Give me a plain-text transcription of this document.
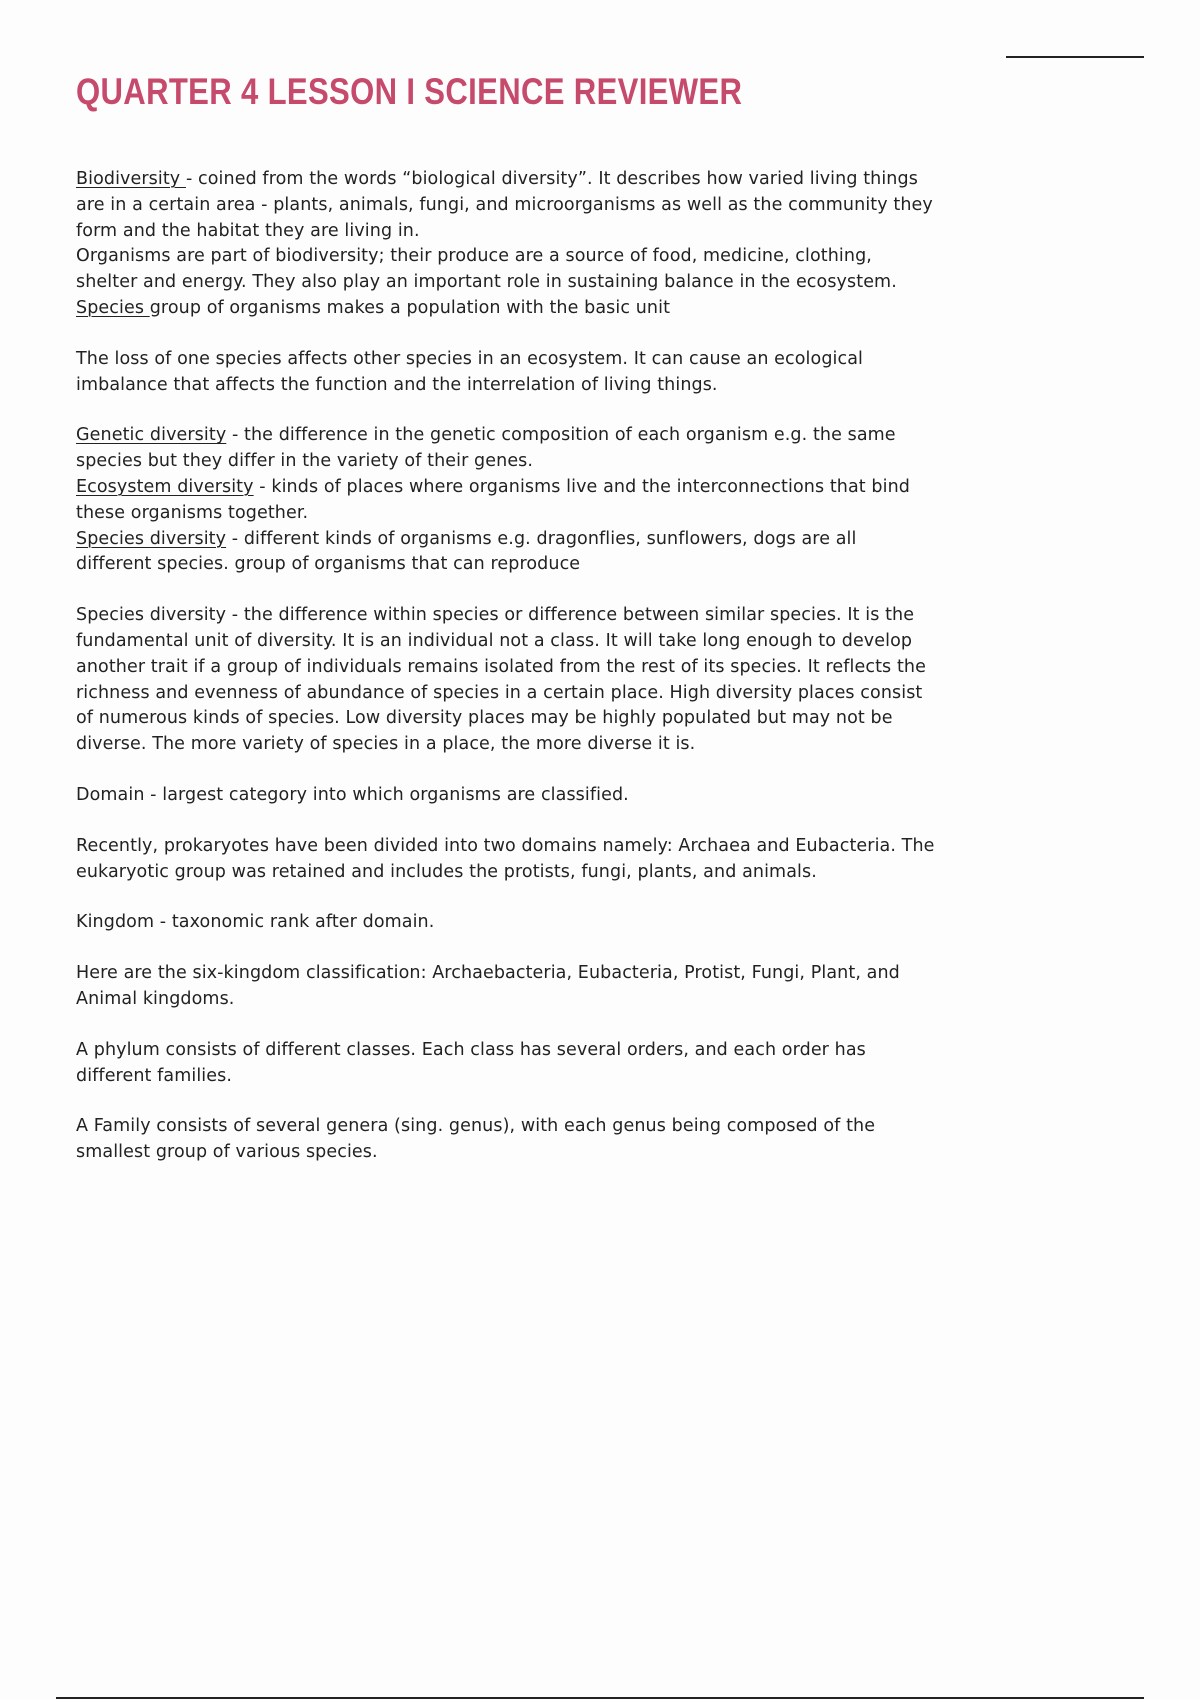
QUARTER 4 LESSON I SCIENCE REVIEWER

Biodiversity - coined from the words “biological diversity”. It describes how varied living things are in a certain area - plants, animals, fungi, and microorganisms as well as the community they form and the habitat they are living in.

Organisms are part of biodiversity; their produce are a source of food, medicine, clothing, shelter and energy. They also play an important role in sustaining balance in the ecosystem.

Species group of organisms makes a population with the basic unit

The loss of one species affects other species in an ecosystem. It can cause an ecological imbalance that affects the function and the interrelation of living things.

Genetic diversity - the difference in the genetic composition of each organism e.g. the same species but they differ in the variety of their genes.

Ecosystem diversity - kinds of places where organisms live and the interconnections that bind these organisms together.

Species diversity - different kinds of organisms e.g. dragonflies, sunflowers, dogs are all different species. group of organisms that can reproduce

Species diversity - the difference within species or difference between similar species. It is the fundamental unit of diversity. It is an individual not a class. It will take long enough to develop another trait if a group of individuals remains isolated from the rest of its species. It reflects the richness and evenness of abundance of species in a certain place. High diversity places consist of numerous kinds of species. Low diversity places may be highly populated but may not be diverse. The more variety of species in a place, the more diverse it is.

Domain - largest category into which organisms are classified.

Recently, prokaryotes have been divided into two domains namely: Archaea and Eubacteria. The eukaryotic group was retained and includes the protists, fungi, plants, and animals.

Kingdom - taxonomic rank after domain.

Here are the six-kingdom classification: Archaebacteria, Eubacteria, Protist, Fungi, Plant, and Animal kingdoms.

A phylum consists of different classes. Each class has several orders, and each order has different families.

A Family consists of several genera (sing. genus), with each genus being composed of the smallest group of various species.
